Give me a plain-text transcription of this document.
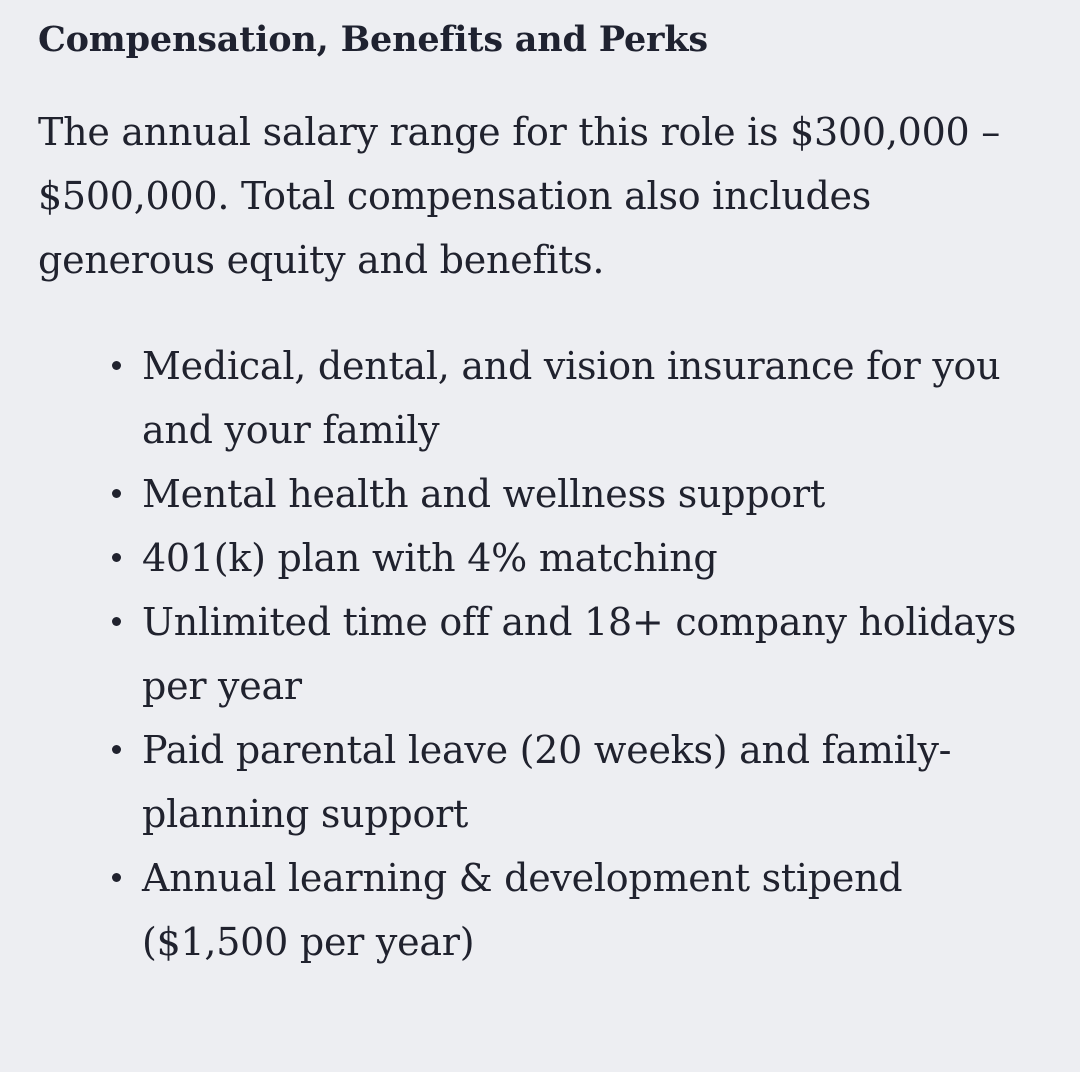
Compensation, Benefits and Perks

The annual salary range for this role is $300,000 – $500,000. Total compensation also includes generous equity and benefits.

Medical, dental, and vision insurance for you and your family
Mental health and wellness support
401(k) plan with 4% matching
Unlimited time off and 18+ company holidays per year
Paid parental leave (20 weeks) and family-planning support
Annual learning & development stipend ($1,500 per year)
